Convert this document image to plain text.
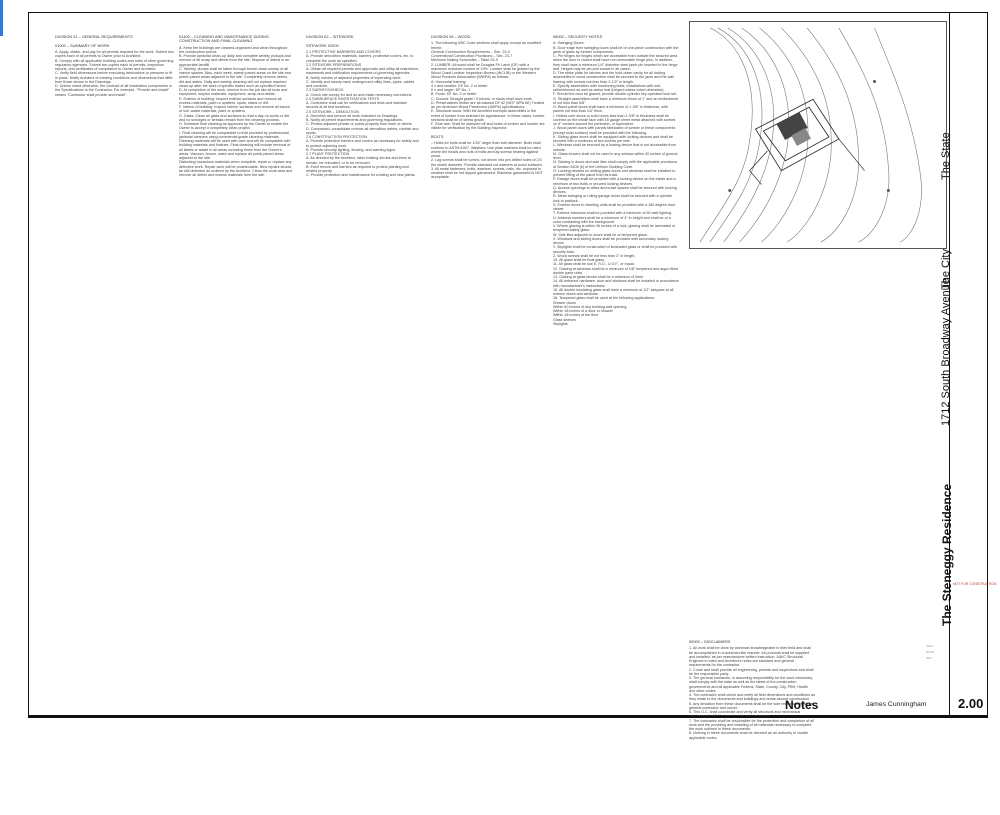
DIVISION 01 – GENERAL REQUIREMENTS

01000 – SUMMARY OF WORK

A. Apply, obtain, and pay for all permits required for the work. Submit two copies each of all permits to Owner prior to Architect.
B. Comply with all applicable building codes and rules of other governing regulatory agencies. Submit two copies each of permits, inspection reports, and certificates of compliance to Owner and Architect.
C. Verify field dimensions before executing fabrications or pressure to fit in place. Notify Architect of existing conditions and dimensions that differ from those shown in the Drawings.
D. Unless noted otherwise, the contract of all Installation components in the Specifications is the Contractor. For example, "Provide and install" means "Contractor shall provide and install".

01400 – CLEANING AND MAINTENANCE DURING CONSTRUCTION AND FINAL CLEANING

A. Keep the buildings are cleaned-organized and clean throughout the construction period.
B. Provide janitorial clean-up daily and complete weekly pickups and remove of all scrap and debris from the site. Dispose of debris in an appropriate landfill.
C. Weekly, dumps shall be taken through broom-down sweep of all interior spaces. Also, each week, sweep paved areas on the site and public paved areas adjacent to the site. Completely remove debris, dirt and stains. Daily and weekly cleaning will not replace required clean-up after the work of specific trades such as specified herein.
D. At completion of the work, remove from the job site all tools and equipment, surplus materials, equipment, scrap and debris.
E. Exterior of building: Inspect exterior surfaces and remove all excess materials, paint or spatters, spots, stains or dirt.
F. Interior of building: Inspect interior surfaces and remove all traces of soil, waste materials, paint or spatters.
G. Glass: Clean all glass and surfaces so that a day no spots or dirt and no smudges or streaks remain from the cleaning process.
H. Schedule final cleaning as approved by the Owner to enable the Owner to accept a completely clean project.
I. Final cleaning will be comparable to that provided by professional janitorial cleaners using commercial grade cleaning materials. Cleaning materials will be used with care and will be compatible with building materials and finishes. Final cleaning will include removal of all labels or waste in all areas including those from the Owner's areas. Vacuum, broom, wash and replace all public paved areas adjacent to the site.
Disturbing hazardous materials when complete, repair or replace any defective work. Repair work will be undetectable. New repairs should be still defective as ordered by the Architect. Clean the work area and remove all debris and excess materials from the site.

DIVISION 02 – SITEWORK

SITEWORK 02000

2.1 PROTECTIVE BARRIERS AND COVERS
A. Provide demolition materials, barriers, protective covers, etc. to complete the work as specified.
2.2 SITEWORK PREPARATIONS
A. Obtain all required permits and approvals and utility all restrictions, easements and notification requirements of governing agencies.
B. Notify owners of adjacent properties of impending work.
C. Identify and clearly mark underground utility lines, pipes, cables and conduits.
2.3 SURVEYS/CHECK
A. Check site survey for and do and make necessary corrections.
2.4 SUBSURFACE INVESTIGATION TESTS
A. Contractor shall call for verifications and tests and maintain records at all test locations.
2.5 SITEWORK – DEMOLITION
A. Demolish and remove all work indicated on Drawings.
B. Notify all permit requirements and governing regulations.
C. Protect adjacent private or public property from work or debris.
D. Compacted, consolidate remove all demolition debris, rubbish and spoils.
2.6 CONSTRUCTION PROTECTION
A. Provide protective barriers and covers as necessary for safety and to protect adjoining work.
B. Provide security lighting, fencing, and warning signs.
2.7 PLANT PROTECTION
A. As directed by the Architect, label existing shrubs and trees to remain, be relocated, or to be removed.
B. Erect fences and barriers as required to protect planting and related property.
C. Provide protection and maintenance for existing and new plants.

DIVISION 06 – WOOD

1. The following UBC Code sections shall apply, except as modified herein:
General Construction Requirements – Sec. 23-4
Conventional Construction Provisions – Sec. 23-7
Minimum Nailing Schedules – Table 23-II
2. LUMBER: All wood shall be Douglas Fir Larch (DF) with a maximum moisture content of 19%. Lumber shall be graded by the Wood Coast Lumber Inspection Bureau (WCLIB) or the Western Wood Products Association (WWPA) as follows:
A. Horizontal framing:
4 x and smaller: DF No. 2 or better
6 x and larger: DF No. 1
B. Posts: DF No. 2 or better
C. Ground: Straight grade / Eminum, or studs shall have ends.
D. Preservatives timber are all classed DF #2 (NOT WPA WI) Treated as per American Wood Preservers (AWPA) specifications.
E. Structural wood: With the Architect exempts assemblies in the event of lumber from selected for appearance. In these cases, lumber sections shall be of stress grade.
F. Glue-lam: Shall be stamped off and holes of lumber and lumber are visible for verification by the Building Inspector.

BOLTS

– Holes for bolts shall be 1/16" larger than bolt diameter. Bolts shall conform to ASTM A307. Washers: Use plate washers shall be used where the heads and nuts of bolts and lag screws bearing against wood.
2. Lag screws shall be turned, not driven into pre-drilled holes of 2/3 the shank diameter. Provide standard cut washers at wood surfaces.
3. All metal fasteners, bolts, washers, screws, nails, etc. exposed to weather shall be hot dipped galvanized. Stainless galvanized is NOT acceptable.

08000 – SECURITY NOTES

A. Swinging Doors:
B. Door edge from swinging doors shall be of one-piece construction with the jamb of glass by lumber components.
C. Pin hinges for hinges which are accessible from outside the secured area when the door is closed shall have non-removable hinge pins. In addition, they shall have a minimum 1/4" diameter steel jamb pin inserted in the hinge leaf. Hinges may be pin and socket in all cases.
D. The strike plate for latches and the hold-down cavity for all locking assemblies in wood construction shall be secured to the jamb and the wall framing with screws not less than 2-1/2" in length.
E. Specify assemblies with functioning leafs, installations with mid-rail/reinforced as well as active leaf (hinged unless noted otherwise).
F. Should the door be glazed, provide double cylinder key-operated lock set.
G. Straight assemblies shall have a minimum throw of 1" and an embedment of not less than 5/8".
H. Wood panel doors shall have a minimum of 1 3/8" in thickness, with panels not less than 1/4" thick.
I. Hollow core doors or solid doors less than 1 3/8" in thickness shall be covered on the inside face with 16 gauge sheet metal attached with screws on 6" centers around the perimeter, or equivalent.
J. Wood panel doors with panels fabricated of lumber or these components (except solid surface) shall be provided with the following.
K. Sliding glass doors shall be equipped with locking devices and shall be secured with a minimum of two screws per leaf.
L. Windows shall be secured by a locking device that is not accessible from outside.
M. Glass louvers shall not be used in any window within 40 inches of ground level.
N. Glazing in doors and side lites shall comply with the applicable provisions of Section 5406 (b) of the Uniform Building Code.
O. Locking devices on sliding glass doors and windows shall be installed to prevent lifting of the panel from its track.
P. Garage doors shall be provided with a locking device on the inside and a minimum of two bolts or secured locking devices.
Q. Access openings to attics and crawl spaces shall be secured with locking devices.
R. Metal swinging or rolling garage doors shall be secured with a cylinder lock or padlock.
S. Exterior doors in dwelling units shall be provided with a 180 degree door viewer.
T. Exterior transoms shall be provided with a minimum of 60 watt lighting.
U. Address numbers shall be a minimum of 4" in height and shall be of a color contrasting with the background.
V. Where glazing is within 36 inches of a lock, glazing shall be laminated or tempered safety glass.
W. Side lites adjacent to doors shall be of tempered glass.
X. Windows and sliding doors shall be provided with secondary locking device.
Y. Skylights shall be constructed of laminated glass or shall be provided with security bars.
Z. Wood screws shall be not less than 3" in length.
10. All glass shall be float glass.
11. All glass shall be low E, R.O., U.O.F., or equal.
12. Glazing at windows shall be a minimum of 1/8" tempered and argon filled double pane units.
13. Glazing at glass blocks shall be a minimum of 3mm.
14. All entrance hardware, door and windows shall be installed in accordance with manufacturer's instructions.
15. All double insulating glass shall have a minimum of 1/2" airspace at all exterior doors and windows.
16. Tempered glass shall be used at the following applications:
Shower doors
Within 60 inches of any building wall opening
Within 18 inches of a door or shower
Within 18 inches of the floor
Glass shelves
Skylights

00000 – DISCLAIMERS

1. All work shall be done by workman knowledgeable in their field and shall be accomplished in a workman like manner. All products shall be supplied and installed, as per manufacturer written instruction. AIA/C Structural Engineer’s notes and Architect’s notes are standard and general requirements for the contractor.
2. Come and shall provide all engineering, permits and inspections and shall be the responsible party.
3. The general contractor, in assuming responsibility for the work necessary, shall comply with the state as well as the latest of the construction governments and all applicable Federal, State, County, City, PBH, Health and other codes.
4. The contractor shall check and verify all field dimensions and conditions as they relate to the documents and buildings and areas around construction.
5. Any deviation from these documents shall be the sole responsibility of the general contractor and owner.
6. This O.C. shall coordinate and verify all structural and mechanical
7. The contractor shall be responsible for the protection and completion of all work and the providing and installing of all materials necessary to complete the work outlined in these documents.
8. Nothing in these documents shall be deemed as an authority to violate applicable codes.

The Steneggy Residence
1712 South Broadway Avenue
The City
The State
NOT FOR CONSTRUCTION
SEAL
DATE
REV
Notes	James Cunningham 2.00
